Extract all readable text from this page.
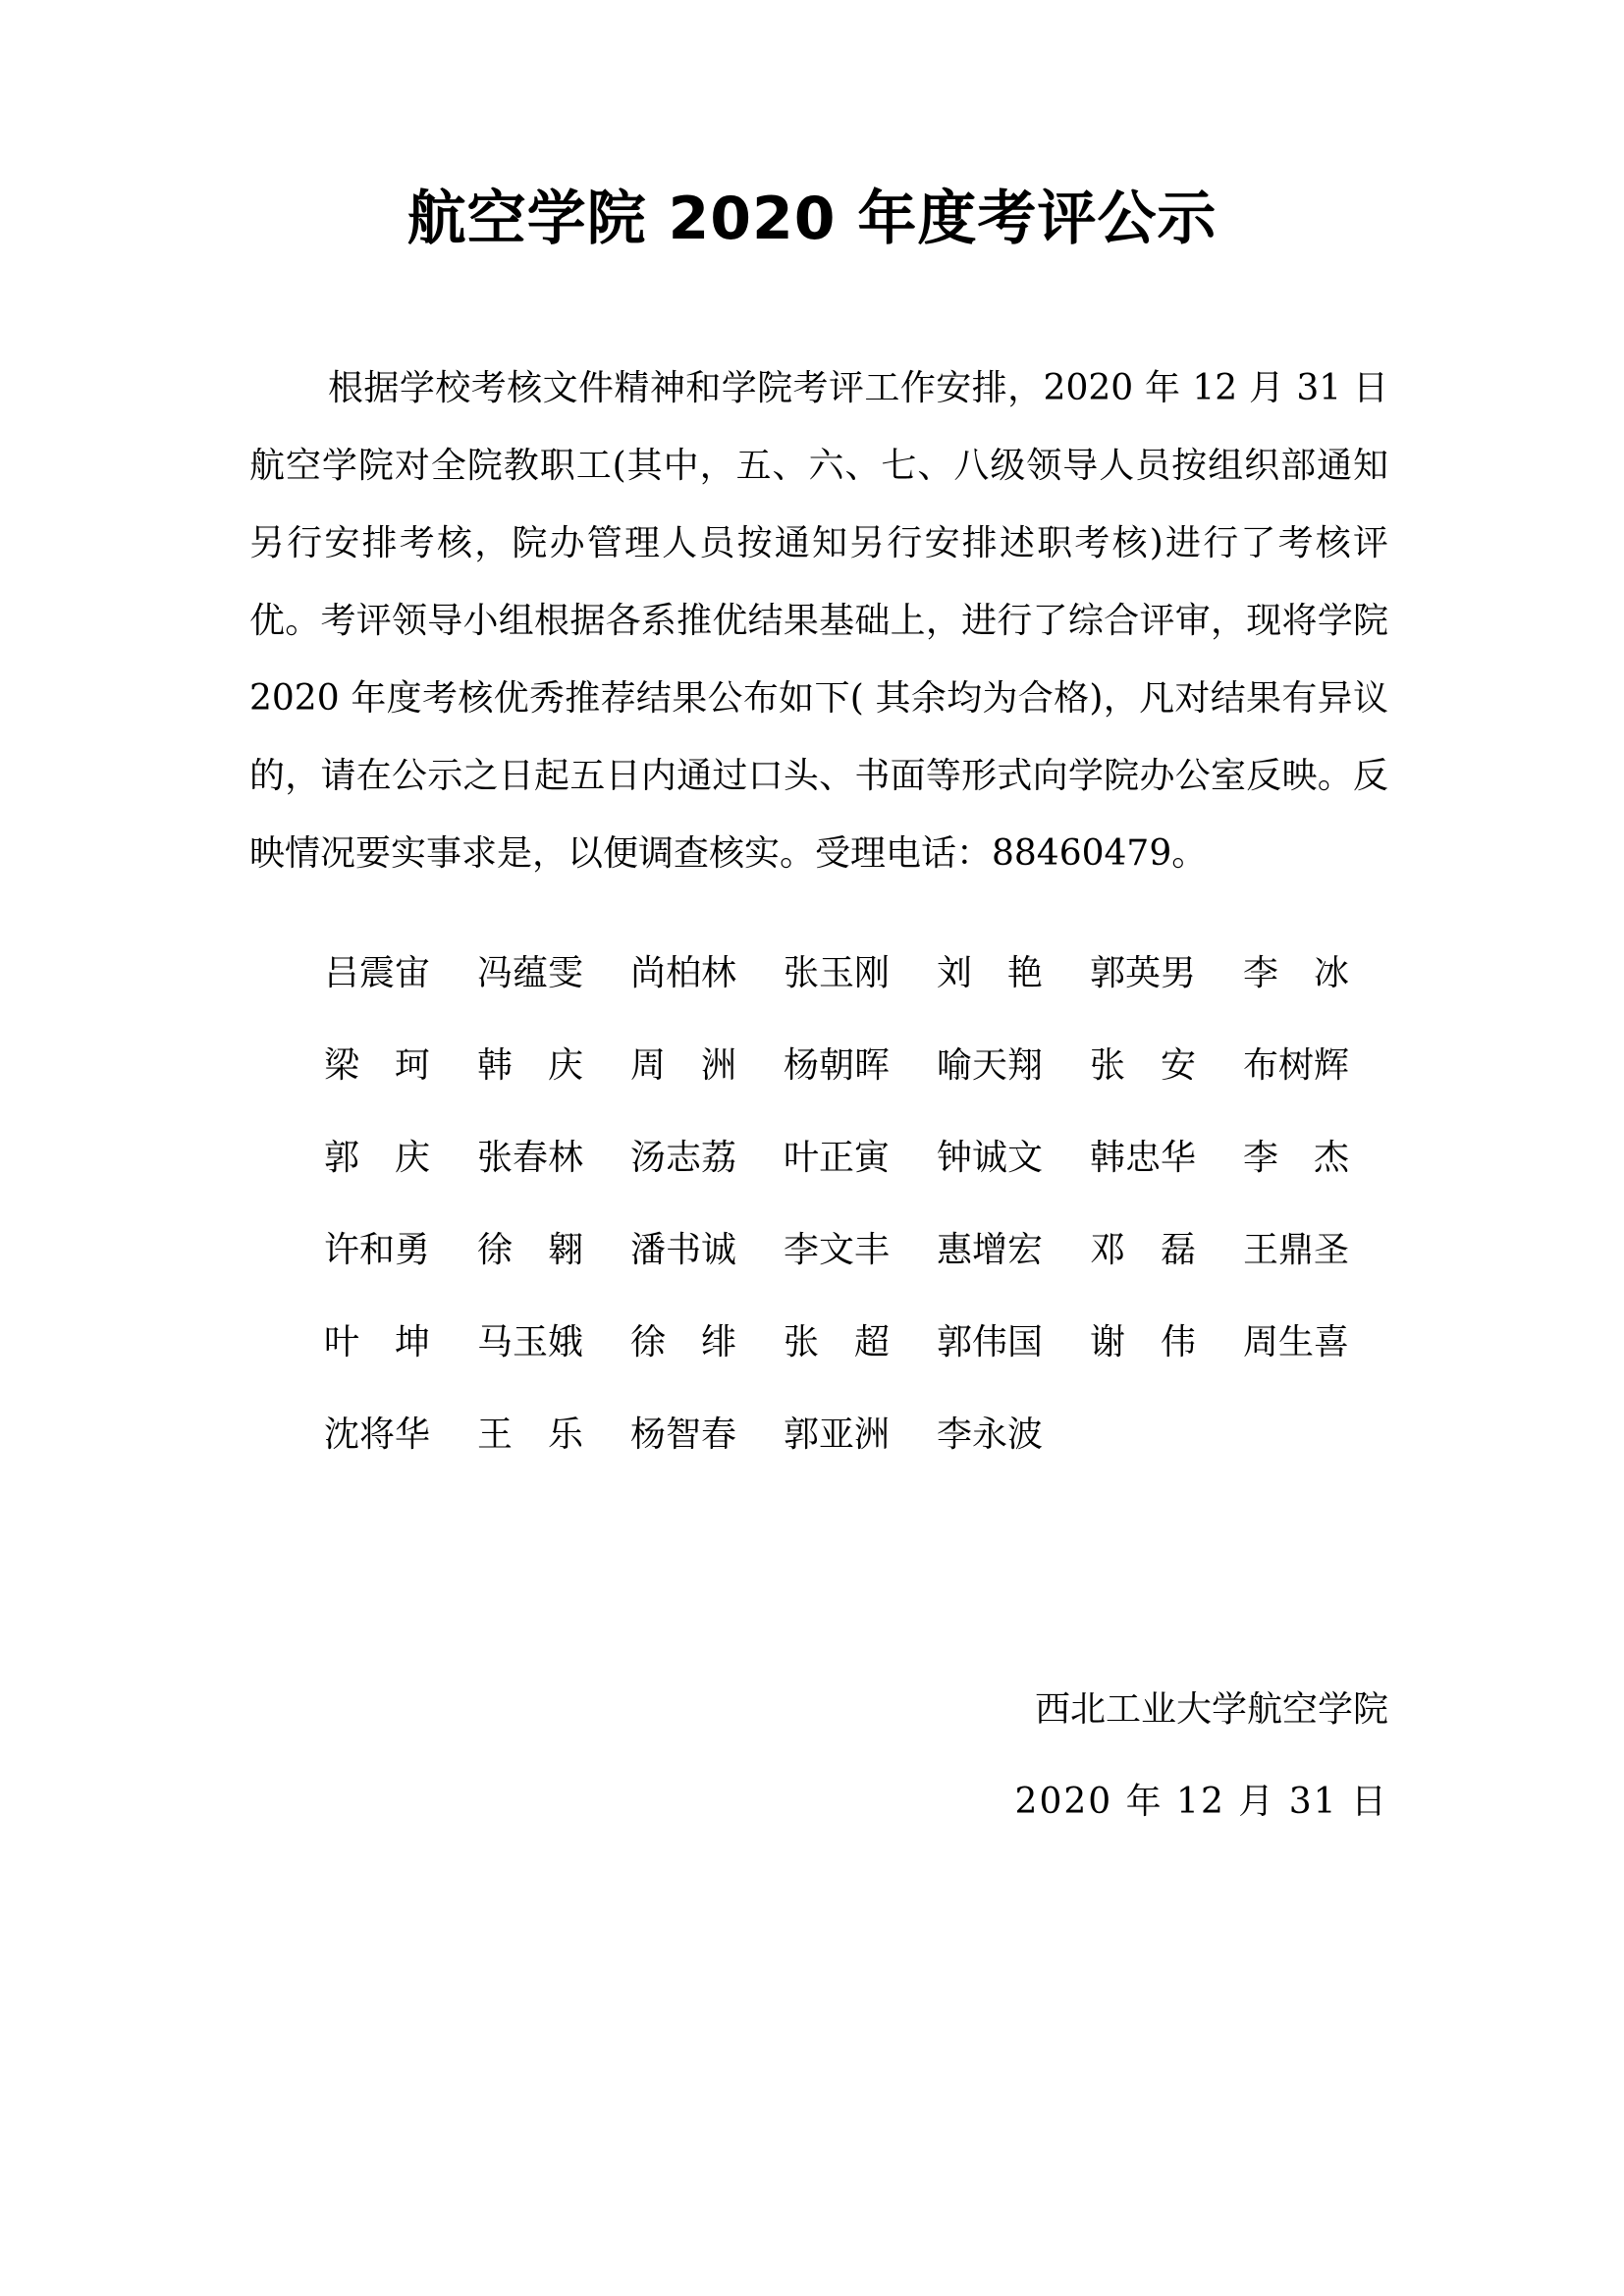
航空学院 2020 年度考评公示

根据学校考核文件精神和学院考评工作安排，2020 年 12 月 31 日航空学院对全院教职工(其中，五、六、七、八级领导人员按组织部通知另行安排考核，院办管理人员按通知另行安排述职考核)进行了考核评优。考评领导小组根据各系推优结果基础上，进行了综合评审，现将学院 2020 年度考核优秀推荐结果公布如下( 其余均为合格)，凡对结果有异议的，请在公示之日起五日内通过口头、书面等形式向学院办公室反映。反映情况要实事求是，以便调查核实。受理电话：88460479。

吕震宙 冯蕴雯 尚柏林 张玉刚 刘　艳 郭英男 李　冰
梁　珂 韩　庆 周　洲 杨朝晖 喻天翔 张　安 布树辉
郭　庆 张春林 汤志荔 叶正寅 钟诚文 韩忠华 李　杰
许和勇 徐　翱 潘书诚 李文丰 惠增宏 邓　磊 王鼎圣
叶　坤 马玉娥 徐　绯 张　超 郭伟国 谢　伟 周生喜
沈将华 王　乐 杨智春 郭亚洲 李永波
西北工业大学航空学院
2020 年 12 月 31 日
